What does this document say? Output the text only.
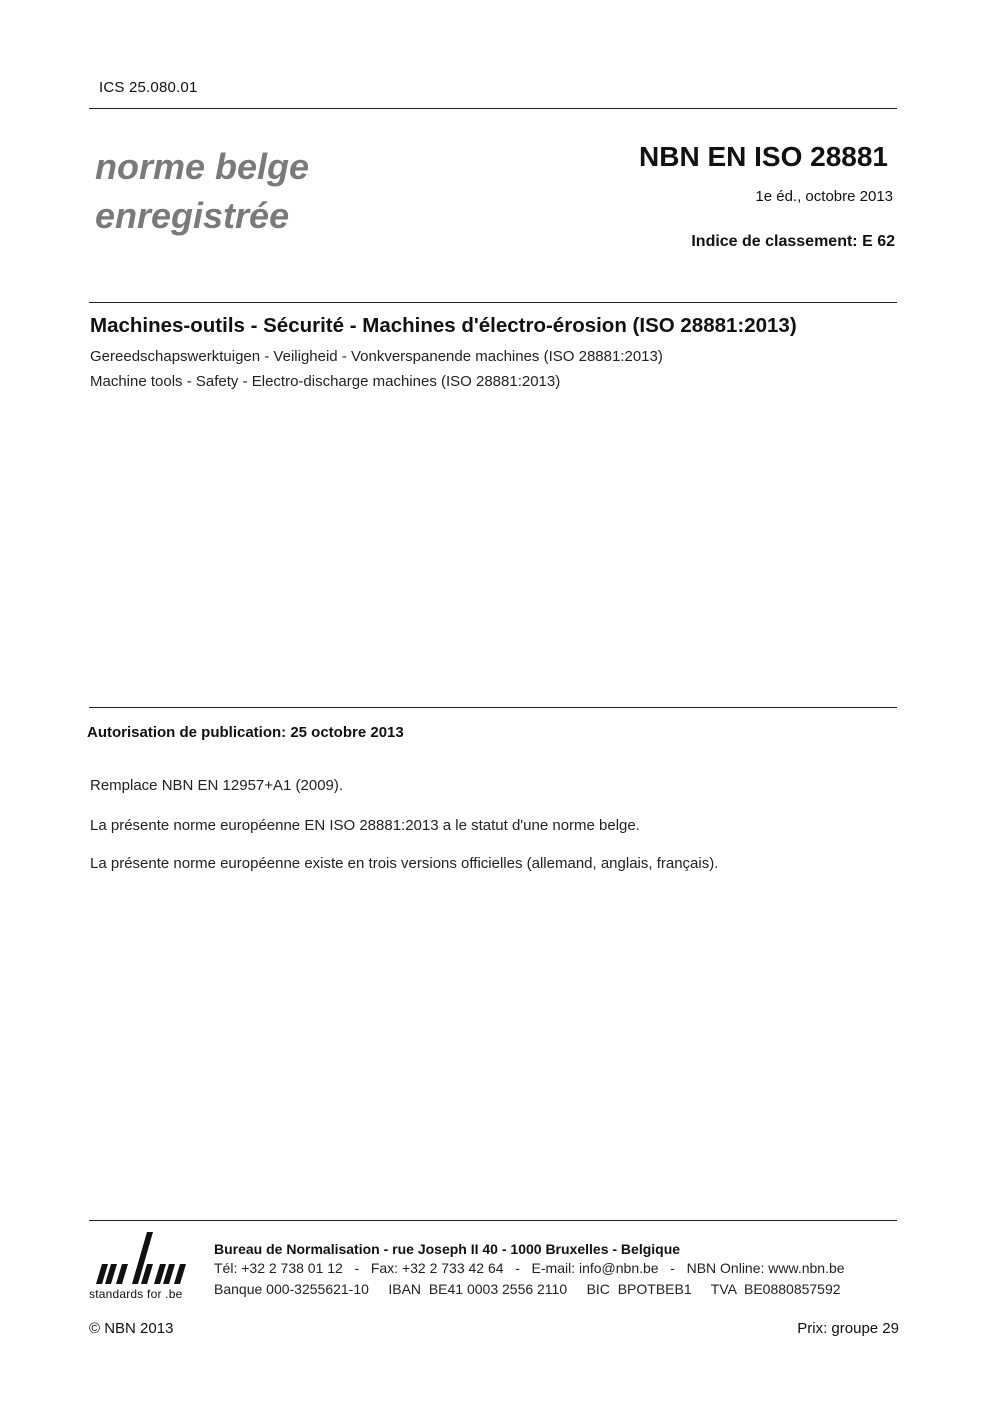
ICS 25.080.01
norme belge
enregistrée
NBN EN ISO 28881
1e éd., octobre 2013
Indice de classement: E 62
Machines-outils - Sécurité - Machines d'électro-érosion (ISO 28881:2013)
Gereedschapswerktuigen - Veiligheid - Vonkverspanende machines (ISO 28881:2013)
Machine tools - Safety - Electro-discharge machines (ISO 28881:2013)
Autorisation de publication: 25 octobre 2013
Remplace NBN EN 12957+A1 (2009).
La présente norme européenne EN ISO 28881:2013 a le statut d'une norme belge.
La présente norme européenne existe en trois versions officielles (allemand, anglais, français).
standards for .be
Bureau de Normalisation - rue Joseph II 40 - 1000 Bruxelles - Belgique
Tél: +32 2 738 01 12   -   Fax: +32 2 733 42 64   -   E-mail: info@nbn.be   -   NBN Online: www.nbn.be
Banque 000-3255621-10     IBAN  BE41 0003 2556 2110     BIC  BPOTBEB1     TVA  BE0880857592
© NBN 2013	Prix: groupe 29
